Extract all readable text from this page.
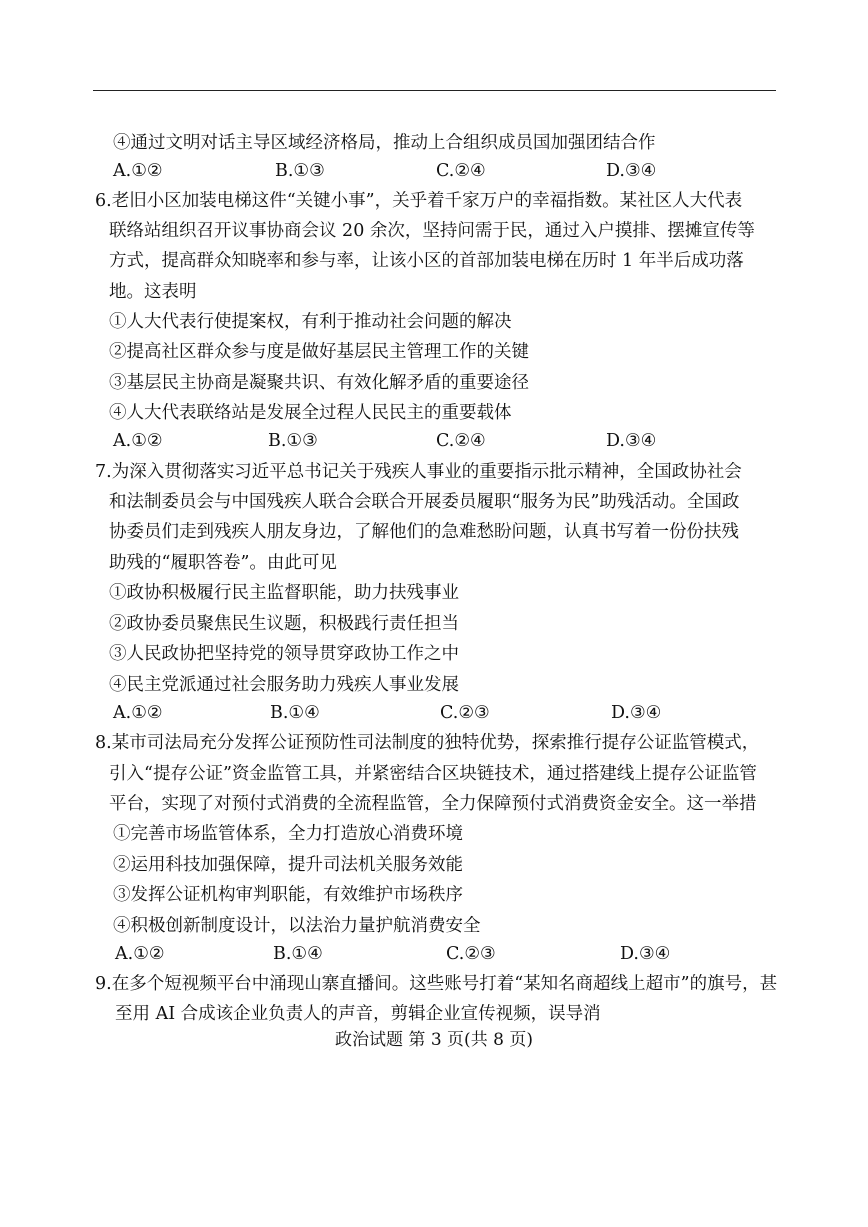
④通过文明对话主导区域经济格局，推动上合组织成员国加强团结合作
A.①②	B.①③	C.②④	D.③④
6.老旧小区加装电梯这件“关键小事”，关乎着千家万户的幸福指数。某社区人大代表
联络站组织召开议事协商会议 20 余次，坚持问需于民，通过入户摸排、摆摊宣传等
方式，提高群众知晓率和参与率，让该小区的首部加装电梯在历时 1 年半后成功落
地。这表明
①人大代表行使提案权，有利于推动社会问题的解决
②提高社区群众参与度是做好基层民主管理工作的关键
③基层民主协商是凝聚共识、有效化解矛盾的重要途径
④人大代表联络站是发展全过程人民民主的重要载体
A.①②	B.①③	C.②④	D.③④
7.为深入贯彻落实习近平总书记关于残疾人事业的重要指示批示精神，全国政协社会
和法制委员会与中国残疾人联合会联合开展委员履职“服务为民”助残活动。全国政
协委员们走到残疾人朋友身边，了解他们的急难愁盼问题，认真书写着一份份扶残
助残的“履职答卷”。由此可见
①政协积极履行民主监督职能，助力扶残事业
②政协委员聚焦民生议题，积极践行责任担当
③人民政协把坚持党的领导贯穿政协工作之中
④民主党派通过社会服务助力残疾人事业发展
A.①②	B.①④	C.②③	D.③④
8.某市司法局充分发挥公证预防性司法制度的独特优势，探索推行提存公证监管模式，
引入“提存公证”资金监管工具，并紧密结合区块链技术，通过搭建线上提存公证监管
平台，实现了对预付式消费的全流程监管，全力保障预付式消费资金安全。这一举措
①完善市场监管体系，全力打造放心消费环境
②运用科技加强保障，提升司法机关服务效能
③发挥公证机构审判职能，有效维护市场秩序
④积极创新制度设计，以法治力量护航消费安全
A.①②	B.①④	C.②③	D.③④
9.在多个短视频平台中涌现山寨直播间。这些账号打着“某知名商超线上超市”的旗号，甚
至用 AI 合成该企业负责人的声音，剪辑企业宣传视频，误导消
政治试题 第 3 页(共 8 页)
